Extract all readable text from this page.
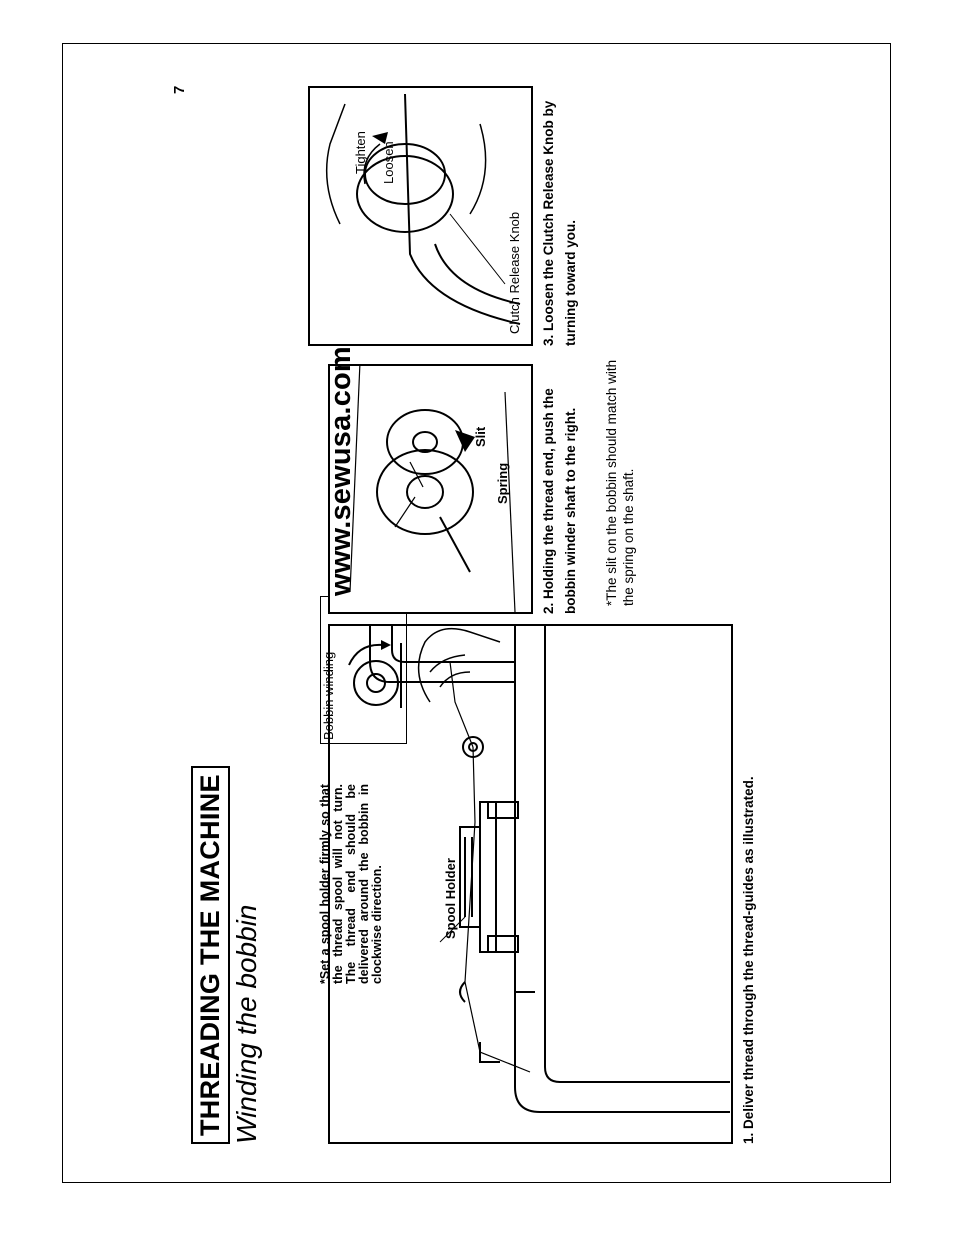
7
THREADING THE MACHINE Winding the bobbin
*Set a spool holder firmly so that the thread spool will not turn. The thread end should be delivered around the bobbin in clockwise direction.
Bobbin winding
Spool Holder	1. Deliver thread through the thread-guides as illustrated.
Spring
Slit
www.sewusa.com	2. Holding the thread end, push the bobbin winder shaft to the right. *The slit on the bobbin should match with the spring on the shaft.
Tighten Loosen
Clutch Release Knob 3. Loosen the Clutch Release Knob by turning toward you.
